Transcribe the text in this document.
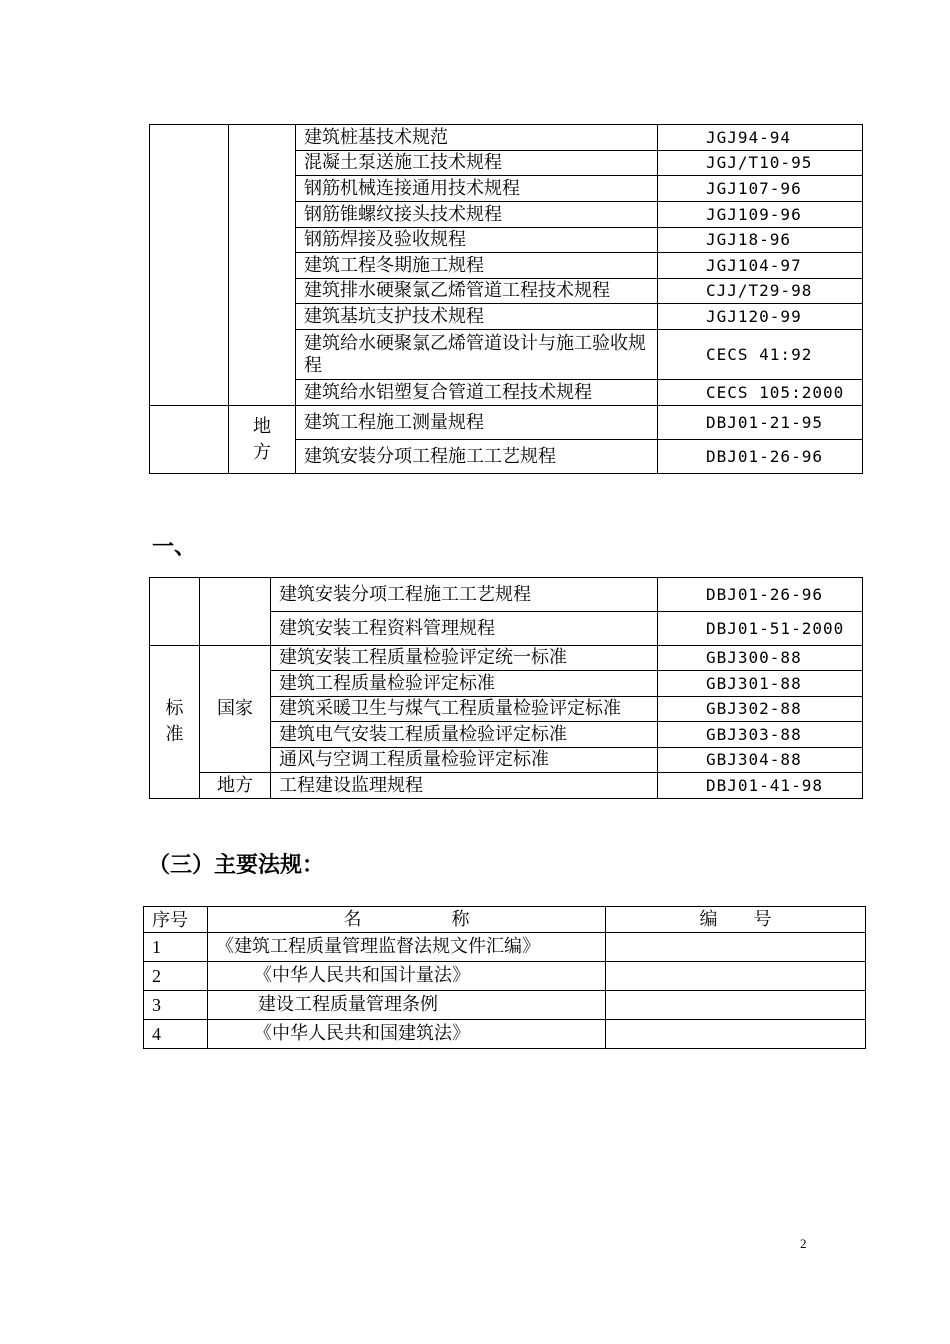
		建筑桩基技术规范	JGJ94-94
		混凝土泵送施工技术规程	JGJ/T10-95
		钢筋机械连接通用技术规程	JGJ107-96
		钢筋锥螺纹接头技术规程	JGJ109-96
		钢筋焊接及验收规程	JGJ18-96
		建筑工程冬期施工规程	JGJ104-97
		建筑排水硬聚氯乙烯管道工程技术规程	CJJ/T29-98
		建筑基坑支护技术规程	JGJ120-99
		建筑给水硬聚氯乙烯管道设计与施工验收规程	CECS 41:92
		建筑给水铝塑复合管道工程技术规程	CECS 105:2000

	地方	建筑工程施工测量规程	DBJ01-21-95
		建筑安装分项工程施工工艺规程	DBJ01-26-96
一、
		建筑安装分项工程施工工艺规程	DBJ01-26-96
		建筑安装工程资料管理规程	DBJ01-51-2000

标准	国家	建筑安装工程质量检验评定统一标准	GBJ300-88
		建筑工程质量检验评定标准	GBJ301-88
		建筑采暖卫生与煤气工程质量检验评定标准	GBJ302-88
		建筑电气安装工程质量检验评定标准	GBJ303-88
		通风与空调工程质量检验评定标准	GBJ304-88
	地方	工程建设监理规程	DBJ01-41-98
（三）主要法规：
序号	名　　　　　称	编　　号
1	《建筑工程质量管理监督法规文件汇编》	
2	《中华人民共和国计量法》	
3	建设工程质量管理条例	
4	《中华人民共和国建筑法》	
2
